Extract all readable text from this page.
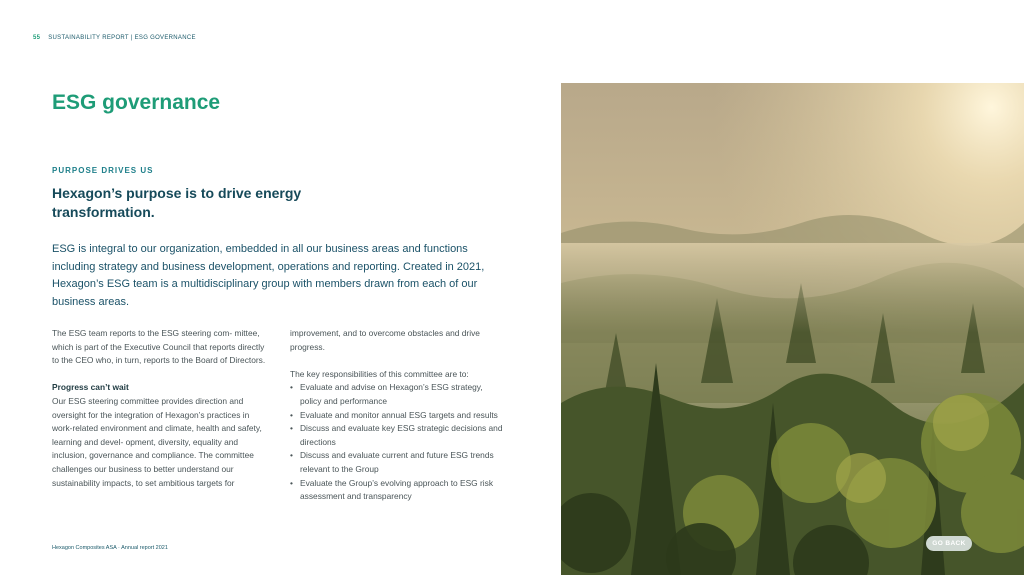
55 SUSTAINABILITY REPORT | ESG GOVERNANCE
ESG governance
PURPOSE DRIVES US
Hexagon’s purpose is to drive energy transformation.

ESG is integral to our organization, embedded in all our business areas and functions including strategy and business development, operations and reporting. Created in 2021, Hexagon’s ESG team is a multidisciplinary group with members drawn from each of our business areas.

The ESG team reports to the ESG steering com- mittee, which is part of the Executive Council that reports directly to the CEO who, in turn, reports to the Board of Directors.

Progress can’t wait

Our ESG steering committee provides direction and oversight for the integration of Hexagon’s practices in work-related environment and climate, health and safety, learning and devel- opment, diversity, equality and inclusion, governance and compliance. The committee challenges our business to better understand our sustainability impacts, to set ambitious targets for

improvement, and to overcome obstacles and drive progress.

The key responsibilities of this committee are to:
• Evaluate and advise on Hexagon’s ESG strategy, policy and performance
• Evaluate and monitor annual ESG targets and results
• Discuss and evaluate key ESG strategic decisions and directions
• Discuss and evaluate current and future ESG trends relevant to the Group
• Evaluate the Group’s evolving approach to ESG risk assessment and transparency
Hexagon Composites ASA · Annual report 2021
GO BACK
